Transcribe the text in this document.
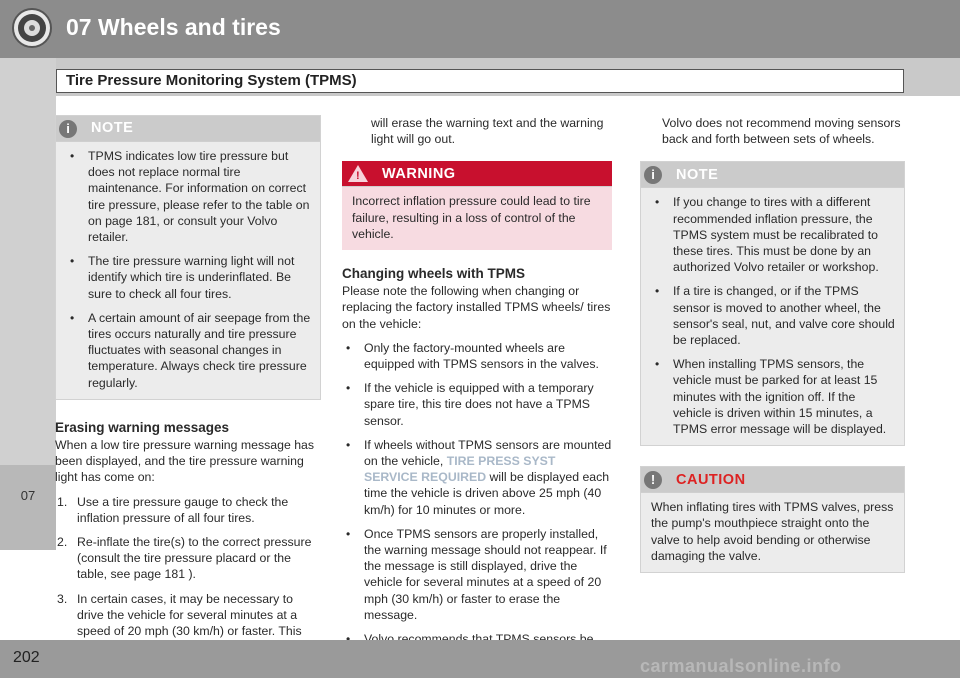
07 Wheels and tires
Tire Pressure Monitoring System (TPMS)
07
i	NOTE
• TPMS indicates low tire pressure but does not replace normal tire maintenance. For information on correct tire pressure, please refer to the table on on page 181, or consult your Volvo retailer.
• The tire pressure warning light will not identify which tire is underinflated. Be sure to check all four tires.
• A certain amount of air seepage from the tires occurs naturally and tire pressure fluctuates with seasonal changes in temperature. Always check tire pressure regularly.
Erasing warning messages

When a low tire pressure warning message has been displayed, and the tire pressure warning light has come on:

1. Use a tire pressure gauge to check the inflation pressure of all four tires.
2. Re-inflate the tire(s) to the correct pressure (consult the tire pressure placard or the table, see page 181 ).
3. In certain cases, it may be necessary to drive the vehicle for several minutes at a speed of 20 mph (30 km/h) or faster. This

will erase the warning text and the warning light will go out.

! WARNING
Incorrect inflation pressure could lead to tire failure, resulting in a loss of control of the vehicle.
Changing wheels with TPMS

Please note the following when changing or replacing the factory installed TPMS wheels/ tires on the vehicle:

• Only the factory-mounted wheels are equipped with TPMS sensors in the valves.
• If the vehicle is equipped with a temporary spare tire, this tire does not have a TPMS sensor.
• If wheels without TPMS sensors are mounted on the vehicle, TIRE PRESS SYST SERVICE REQUIRED will be displayed each time the vehicle is driven above 25 mph (40 km/h) for 10 minutes or more.
• Once TPMS sensors are properly installed, the warning message should not reappear. If the message is still displayed, drive the vehicle for several minutes at a speed of 20 mph (30 km/h) or faster to erase the message.

Volvo does not recommend moving sensors back and forth between sets of wheels.

i	NOTE
• If you change to tires with a different recommended inflation pressure, the TPMS system must be recalibrated to these tires. This must be done by an authorized Volvo retailer or workshop.
• If a tire is changed, or if the TPMS sensor is moved to another wheel, the sensor's seal, nut, and valve core should be replaced.
• When installing TPMS sensors, the vehicle must be parked for at least 15 minutes with the ignition off. If the vehicle is driven within 15 minutes, a TPMS error message will be displayed.
!	CAUTION
When inflating tires with TPMS valves, press the pump's mouthpiece straight onto the valve to help avoid bending or otherwise damaging the valve.
202	carmanualsonline.info
